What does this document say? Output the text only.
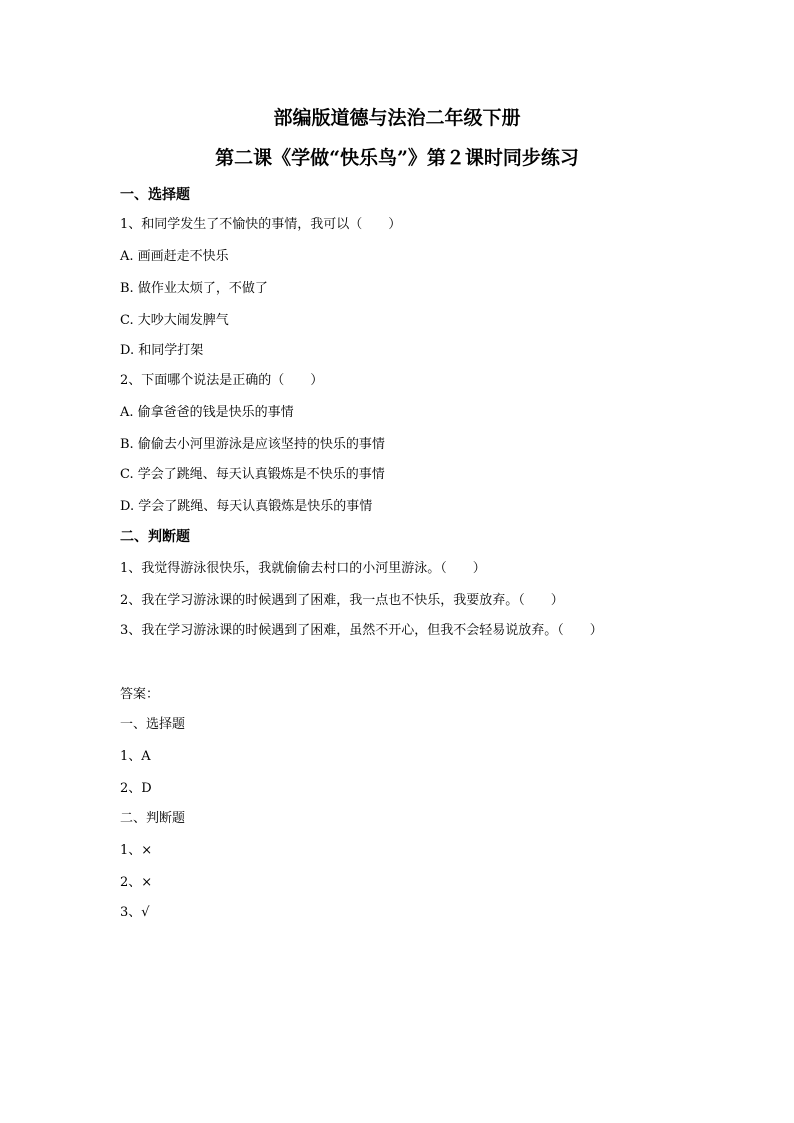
部编版道德与法治二年级下册
第二课《学做“快乐鸟”》第２课时同步练习
一、选择题
1、和同学发生了不愉快的事情，我可以（　　）
A. 画画赶走不快乐
B. 做作业太烦了，不做了
C. 大吵大闹发脾气
D. 和同学打架
2、下面哪个说法是正确的（　　）
A. 偷拿爸爸的钱是快乐的事情
B. 偷偷去小河里游泳是应该坚持的快乐的事情
C. 学会了跳绳、每天认真锻炼是不快乐的事情
D. 学会了跳绳、每天认真锻炼是快乐的事情
二、判断题
1、我觉得游泳很快乐，我就偷偷去村口的小河里游泳。（　　）
2、我在学习游泳课的时候遇到了困难，我一点也不快乐，我要放弃。（　　）
3、我在学习游泳课的时候遇到了困难，虽然不开心，但我不会轻易说放弃。（　　）
答案：
一、选择题
1、A
2、D
二、判断题
1、×
2、×
3、√
